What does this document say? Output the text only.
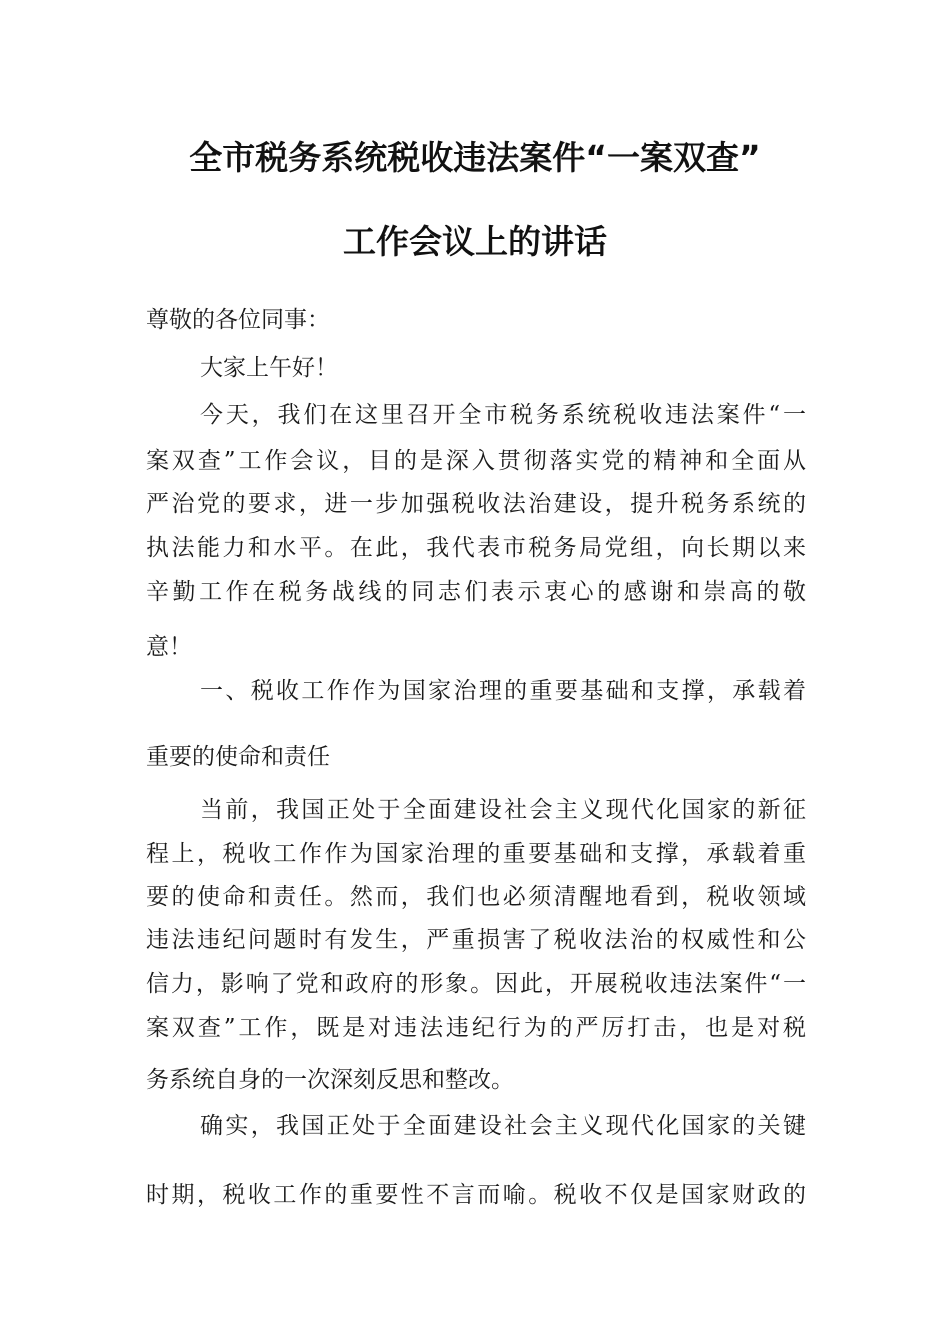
全市税务系统税收违法案件“一案双查”
工作会议上的讲话
尊敬的各位同事：
大家上午好！
今天，我们在这里召开全市税务系统税收违法案件“一
案双查”工作会议，目的是深入贯彻落实党的精神和全面从
严治党的要求，进一步加强税收法治建设，提升税务系统的
执法能力和水平。在此，我代表市税务局党组，向长期以来
辛勤工作在税务战线的同志们表示衷心的感谢和崇高的敬
意！
一、税收工作作为国家治理的重要基础和支撑，承载着
重要的使命和责任
当前，我国正处于全面建设社会主义现代化国家的新征
程上，税收工作作为国家治理的重要基础和支撑，承载着重
要的使命和责任。然而，我们也必须清醒地看到，税收领域
违法违纪问题时有发生，严重损害了税收法治的权威性和公
信力，影响了党和政府的形象。因此，开展税收违法案件“一
案双查”工作，既是对违法违纪行为的严厉打击，也是对税
务系统自身的一次深刻反思和整改。
确实，我国正处于全面建设社会主义现代化国家的关键
时期，税收工作的重要性不言而喻。税收不仅是国家财政的
